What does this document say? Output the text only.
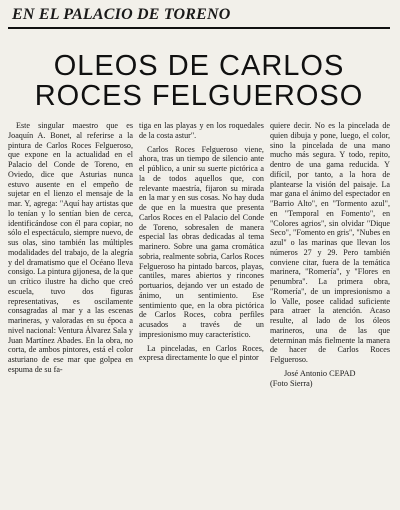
EN EL PALACIO DE TORENO
OLEOS DE CARLOS
ROCES FELGUEROSO

Este singular maestro que es Joaquín A. Bonet, al referirse a la pintura de Carlos Roces Felgueroso, que expone en la actualidad en el Palacio del Conde de Toreno, en Oviedo, dice que Asturias nunca estuvo ausente en el empeño de sujetar en el lienzo el mensaje de la mar. Y, agrega: "Aquí hay artistas que lo tenían y lo sentían bien de cerca, identificándose con él para copiar, no sólo el espectáculo, siempre nuevo, de sus olas, sino también las múltiples modalidades del trabajo, de la alegría y del dramatismo que el Océano lleva consigo. La pintura gijonesa, de la que un crítico ilustre ha dicho que creó escuela, tuvo dos figuras representativas, es oscilamente consagradas al mar y a las escenas marineras, y valoradas en su época a nivel nacional: Ventura Álvarez Sala y Juan Martínez Abades. En la obra, no corta, de ambos pintores, está el color asturiano de ese mar que golpea en espuma de su fa-

tiga en las playas y en los roquedales de la costa astur".

Carlos Roces Felgueroso viene, ahora, tras un tiempo de silencio ante el público, a unir su suerte pictórica a la de todos aquellos que, con relevante maestría, fijaron su mirada en la mar y en sus cosas. No hay duda de que en la muestra que presenta Carlos Roces en el Palacio del Conde de Toreno, sobresalen de manera especial las obras dedicadas al tema marinero. Sobre una gama cromática sobria, realmente sobria, Carlos Roces Felgueroso ha pintado barcos, playas, cantiles, mares abiertos y rincones portuarios, dejando ver un estado de ánimo, un sentimiento. Ese sentimiento que, en la obra pictórica de Carlos Roces, cobra perfiles acusados a través de un impresionismo muy característico.

La pinceladas, en Carlos Roces, expresa directamente lo que el pintor

quiere decir. No es la pincelada de quien dibuja y pone, luego, el color, sino la pincelada de una mano mucho más segura. Y todo, repito, dentro de una gama reducida. Y difícil, por tanto, a la hora de plantearse la visión del paisaje. La mar gana el ánimo del espectador en "Barrio Alto", en "Tormento azul", en "Temporal en Fomento", en "Colores agrios", sin olvidar "Dique Seco", "Fomento en gris", "Nubes en azul" o las marinas que llevan los números 27 y 29. Pero también conviene citar, fuera de la temática marinera, "Romería", y "Flores en penumbra". La primera obra, "Romería", de un impresionismo a lo Valle, posee calidad suficiente para atraer la atención. Acaso resulte, al lado de los óleos marineros, una de las que determinan más fielmente la manera de hacer de Carlos Roces Felgueroso.

José Antonio CEPAD
(Foto Sierra)
